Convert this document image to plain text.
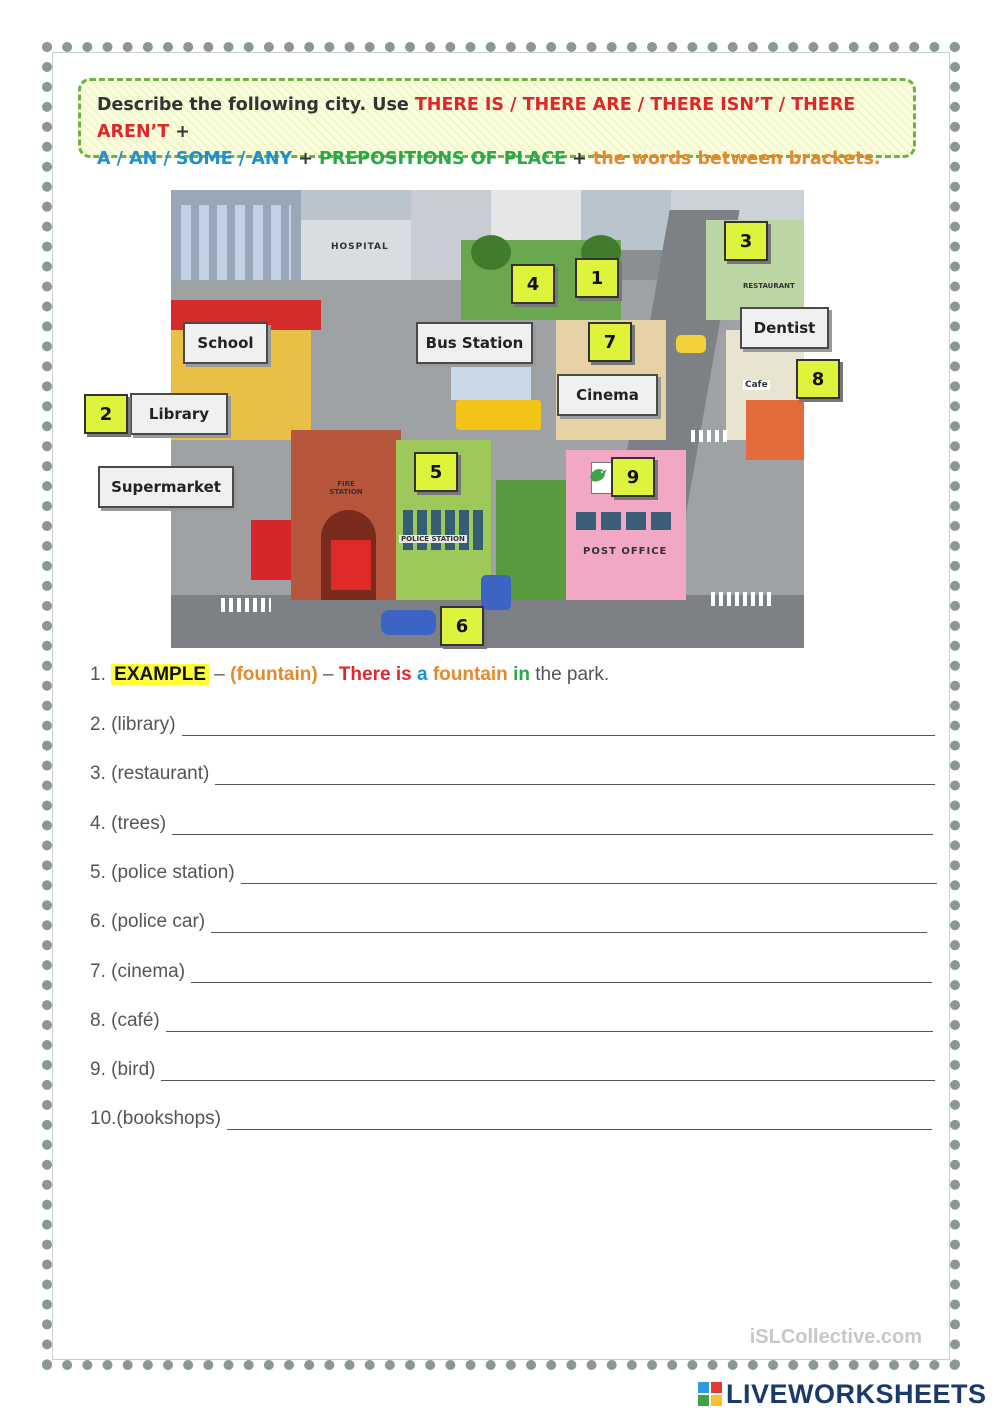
Describe the following city. Use THERE IS / THERE ARE / THERE ISN’T / THERE AREN’T +
A / AN / SOME / ANY + PREPOSITIONS OF PLACE + the words between brackets.
HOSPITAL
RESTAURANT
Cafe
FIRE STATION
POLICE STATION
POST OFFICE
School	Bus Station
Dentist
Library
Cinema
Supermarket
1
2
3
4
5
6
7
8
9
1. EXAMPLE – (fountain) – There is a fountain in the park.
2.
(library)
3.
(restaurant)
4.
(trees)
5.
(police station)
6.
(police car)
7.
(cinema)
8.
(café)
9.
(bird)
10. (bookshops)
iSLCollective.com
LIVEWORKSHEETS
